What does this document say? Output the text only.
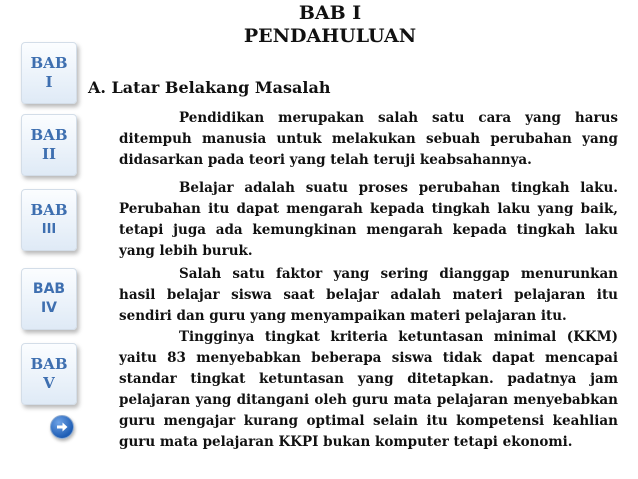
BAB
I
BAB
II
BAB
III
BAB
IV
BAB
V
BAB I
PENDAHULUAN
A. Latar Belakang Masalah
Pendidikan merupakan salah satu cara yang harus ditempuh manusia untuk melakukan sebuah perubahan yang didasarkan pada teori yang telah teruji keabsahannya.
Belajar adalah suatu proses perubahan tingkah laku. Perubahan itu dapat mengarah kepada tingkah laku yang baik, tetapi juga ada kemungkinan mengarah kepada tingkah laku yang lebih buruk.
Salah satu faktor yang sering dianggap menurunkan hasil belajar siswa saat belajar adalah materi pelajaran itu sendiri dan guru yang menyampaikan materi pelajaran itu.
Tingginya tingkat kriteria ketuntasan minimal (KKM) yaitu 83 menyebabkan beberapa siswa tidak dapat mencapai standar tingkat ketuntasan yang ditetapkan. padatnya jam pelajaran yang ditangani oleh guru mata pelajaran menyebabkan guru mengajar kurang optimal selain itu kompetensi keahlian guru mata pelajaran KKPI bukan komputer tetapi ekonomi.
